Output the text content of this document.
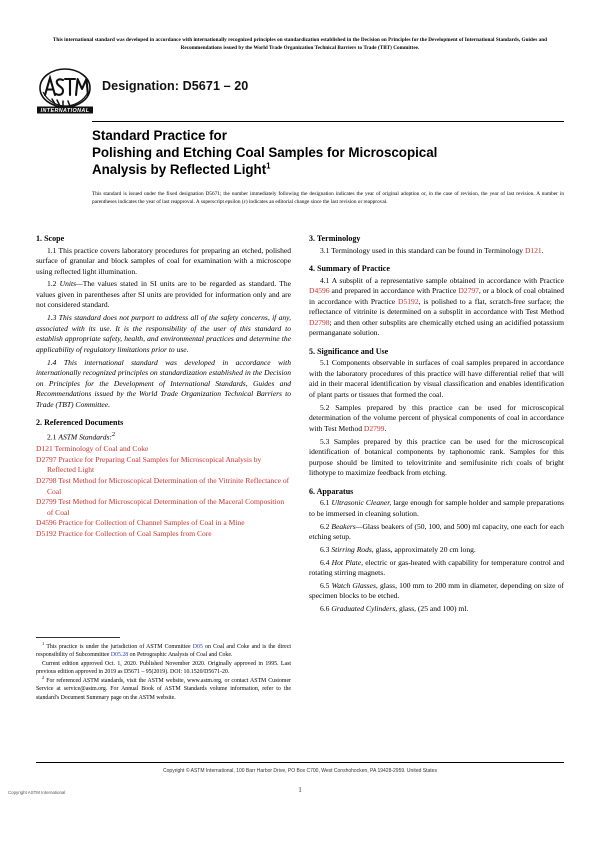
This international standard was developed in accordance with internationally recognized principles on standardization established in the Decision on Principles for the Development of International Standards, Guides and Recommendations issued by the World Trade Organization Technical Barriers to Trade (TBT) Committee.
INTERNATIONAL
Designation: D5671 – 20
Standard Practice for
Polishing and Etching Coal Samples for Microscopical
Analysis by Reflected Light$^1$
This standard is issued under the fixed designation D5671; the number immediately following the designation indicates the year of original adoption or, in the case of revision, the year of last revision. A number in parentheses indicates the year of last reapproval. A superscript epsilon (ε) indicates an editorial change since the last revision or reapproval.
1. Scope

1.1 This practice covers laboratory procedures for preparing an etched, polished surface of granular and block samples of coal for examination with a microscope using reflected light illumination.

1.2 Units—The values stated in SI units are to be regarded as standard. The values given in parentheses after SI units are provided for information only and are not considered standard.

1.3 This standard does not purport to address all of the safety concerns, if any, associated with its use. It is the responsibility of the user of this standard to establish appropriate safety, health, and environmental practices and determine the applicability of regulatory limitations prior to use.

1.4 This international standard was developed in accordance with internationally recognized principles on standardization established in the Decision on Principles for the Development of International Standards, Guides and Recommendations issued by the World Trade Organization Technical Barriers to Trade (TBT) Committee.

2. Referenced Documents

2.1 ASTM Standards:$^2$

D121 Terminology of Coal and Coke
D2797 Practice for Preparing Coal Samples for Microscopical Analysis by Reflected Light
D2798 Test Method for Microscopical Determination of the Vitrinite Reflectance of Coal
D2799 Test Method for Microscopical Determination of the Maceral Composition of Coal
D4596 Practice for Collection of Channel Samples of Coal in a Mine
D5192 Practice for Collection of Coal Samples from Core
3. Terminology

3.1 Terminology used in this standard can be found in Terminology D121.

4. Summary of Practice

4.1 A subsplit of a representative sample obtained in accordance with Practice D4596 and prepared in accordance with Practice D2797, or a block of coal obtained in accordance with Practice D5192, is polished to a flat, scratch-free surface; the reflectance of vitrinite is determined on a subsplit in accordance with Test Method D2798; and then other subsplits are chemically etched using an acidified potassium permanganate solution.

5. Significance and Use

5.1 Components observable in surfaces of coal samples prepared in accordance with the laboratory procedures of this practice will have differential relief that will aid in their maceral identification by visual classification and enables identification of plant parts or tissues that formed the coal.

5.2 Samples prepared by this practice can be used for microscopical determination of the volume percent of physical components of coal in accordance with Test Method D2799.

5.3 Samples prepared by this practice can be used for the microscopical identification of botanical components by taphonomic rank. Samples for this purpose should be limited to telovitrinite and semifusinite rich coals of bright lithotype to maximize feedback from etching.

6. Apparatus

6.1 Ultrasonic Cleaner, large enough for sample holder and sample preparations to be immersed in cleaning solution.

6.2 Beakers—Glass beakers of (50, 100, and 500) ml capacity, one each for each etching setup.

6.3 Stirring Rods, glass, approximately 20 cm long.

6.4 Hot Plate, electric or gas-heated with capability for temperature control and rotating stirring magnets.

6.5 Watch Glasses, glass, 100 mm to 200 mm in diameter, depending on size of specimen blocks to be etched.

6.6 Graduated Cylinders, glass, (25 and 100) ml.

$^1$ This practice is under the jurisdiction of ASTM Committee D05 on Coal and Coke and is the direct responsibility of Subcommittee D05.28 on Petrographic Analysis of Coal and Coke.

Current edition approved Oct. 1, 2020. Published November 2020. Originally approved in 1995. Last previous edition approved in 2019 as D5671 – 95(2019). DOI: 10.1520/D5671-20.

$^2$ For referenced ASTM standards, visit the ASTM website, www.astm.org, or contact ASTM Customer Service at service@astm.org. For Annual Book of ASTM Standards volume information, refer to the standard's Document Summary page on the ASTM website.

Copyright © ASTM International, 100 Barr Harbor Drive, PO Box C700, West Conshohocken, PA 19428-2959. United States
Copyright ASTM International	1
